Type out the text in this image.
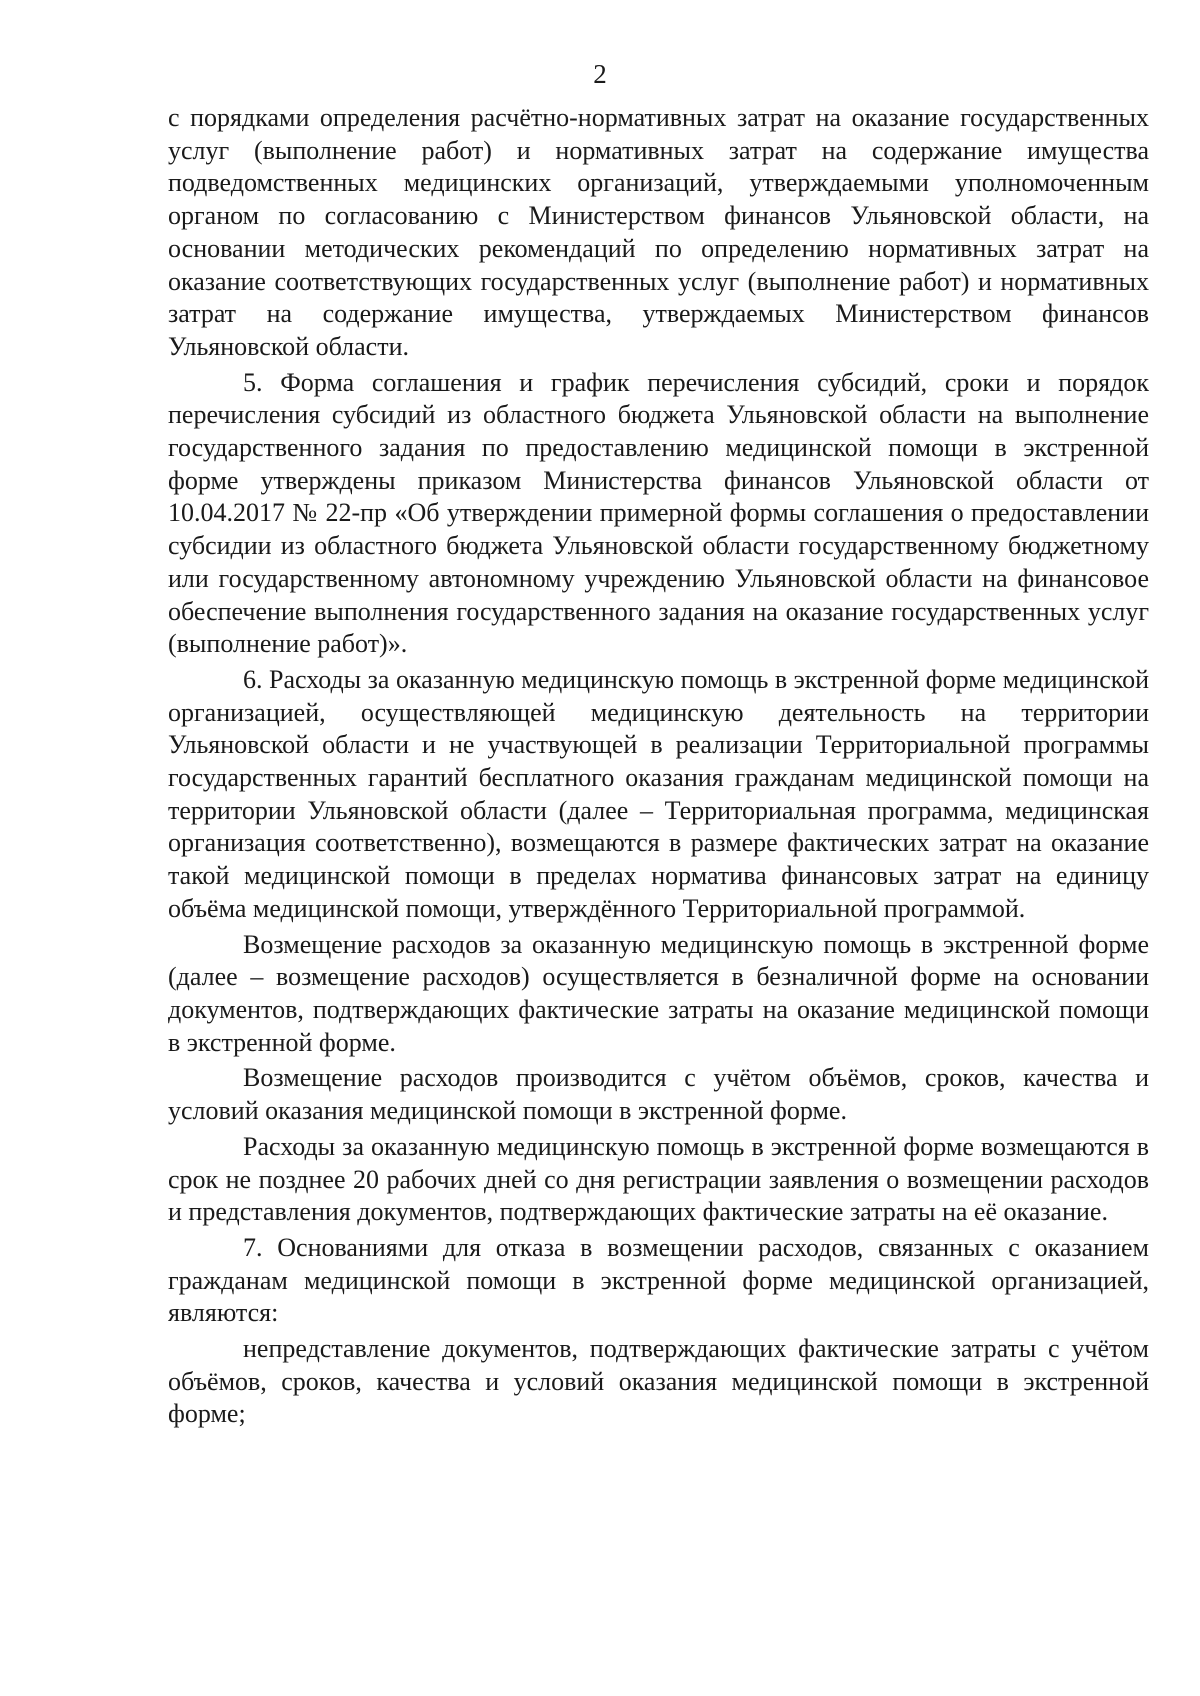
2

с порядками определения расчётно-нормативных затрат на оказание государственных услуг (выполнение работ) и нормативных затрат на содержание имущества подведомственных медицинских организаций, утверждаемыми уполномоченным органом по согласованию с Министерством финансов Ульяновской области, на основании методических рекомендаций по определению нормативных затрат на оказание соответствующих государственных услуг (выполнение работ) и нормативных затрат на содержание имущества, утверждаемых Министерством финансов Ульяновской области.

5. Форма соглашения и график перечисления субсидий, сроки и порядок перечисления субсидий из областного бюджета Ульяновской области на выполнение государственного задания по предоставлению медицинской помощи в экстренной форме утверждены приказом Министерства финансов Ульяновской области от 10.04.2017 № 22-пр «Об утверждении примерной формы соглашения о предоставлении субсидии из областного бюджета Ульяновской области государственному бюджетному или государственному автономному учреждению Ульяновской области на финансовое обеспечение выполнения государственного задания на оказание государственных услуг (выполнение работ)».

6. Расходы за оказанную медицинскую помощь в экстренной форме медицинской организацией, осуществляющей медицинскую деятельность на территории Ульяновской области и не участвующей в реализации Территориальной программы государственных гарантий бесплатного оказания гражданам медицинской помощи на территории Ульяновской области (далее – Территориальная программа, медицинская организация соответственно), возмещаются в размере фактических затрат на оказание такой медицинской помощи в пределах норматива финансовых затрат на единицу объёма медицинской помощи, утверждённого Территориальной программой.

Возмещение расходов за оказанную медицинскую помощь в экстренной форме (далее – возмещение расходов) осуществляется в безналичной форме на основании документов, подтверждающих фактические затраты на оказание медицинской помощи в экстренной форме.

Возмещение расходов производится с учётом объёмов, сроков, качества и условий оказания медицинской помощи в экстренной форме.

Расходы за оказанную медицинскую помощь в экстренной форме возмещаются в срок не позднее 20 рабочих дней со дня регистрации заявления о возмещении расходов и представления документов, подтверждающих фактические затраты на её оказание.

7. Основаниями для отказа в возмещении расходов, связанных с оказанием гражданам медицинской помощи в экстренной форме медицинской организацией, являются:

непредставление документов, подтверждающих фактические затраты с учётом объёмов, сроков, качества и условий оказания медицинской помощи в экстренной форме;
